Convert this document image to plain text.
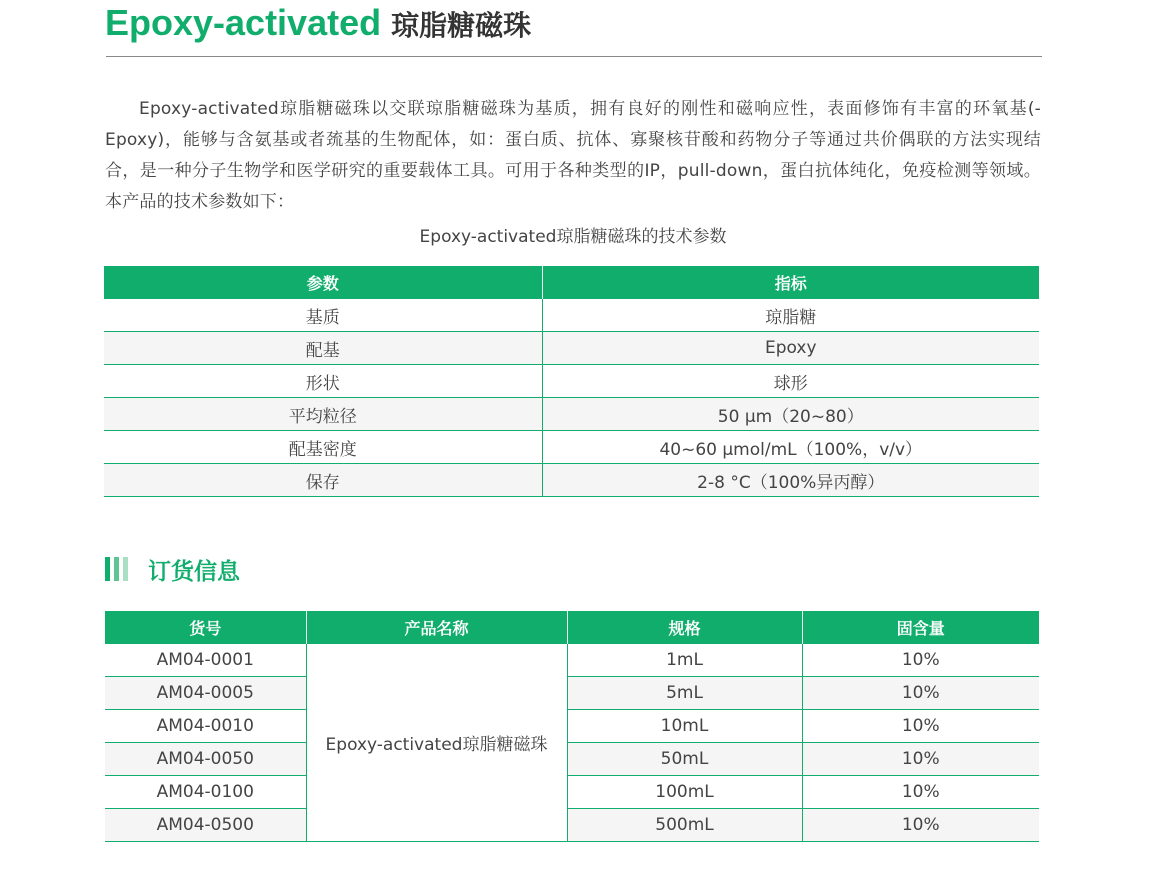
Epoxy-activated 琼脂糖磁珠

Epoxy-activated琼脂糖磁珠以交联琼脂糖磁珠为基质，拥有良好的刚性和磁响应性，表面修饰有丰富的环氧基(-Epoxy)，能够与含氨基或者巯基的生物配体，如：蛋白质、抗体、寡聚核苷酸和药物分子等通过共价偶联的方法实现结合，是一种分子生物学和医学研究的重要载体工具。可用于各种类型的IP，pull-down，蛋白抗体纯化，免疫检测等领域。本产品的技术参数如下：

Epoxy-activated琼脂糖磁珠的技术参数
参数	指标
基质	琼脂糖
配基	Epoxy
形状	球形
平均粒径	50 μm（20~80）
配基密度	40~60 μmol/mL（100%，v/v）
保存	2-8 °C（100%异丙醇）
订货信息
货号	产品名称	规格	固含量
AM04-0001	Epoxy-activated琼脂糖磁珠	1mL	10%
AM04-0005		5mL	10%
AM04-0010		10mL	10%
AM04-0050		50mL	10%
AM04-0100		100mL	10%
AM04-0500		500mL	10%
